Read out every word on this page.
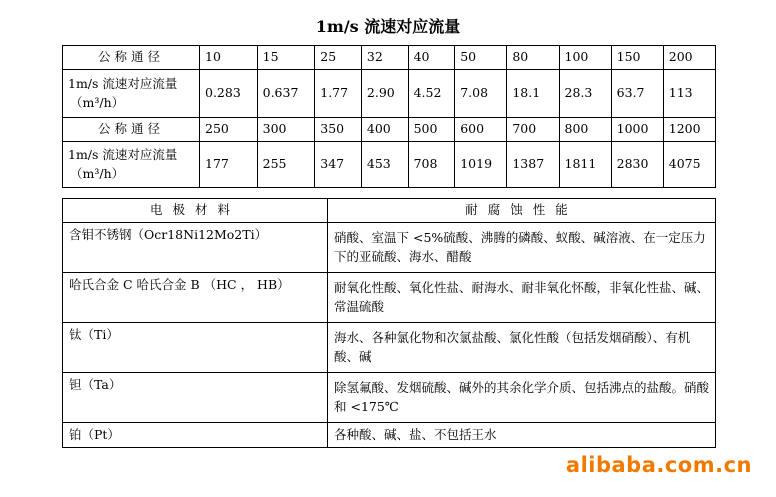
1m/s 流速对应流量
公称通径	10	15	25	32	40	50	80	100	150	200

1m/s 流速对应流量
（m³/h）	0.283	0.637	1.77	2.90	4.52	7.08	18.1	28.3	63.7	113
公称通径	250	300	350	400	500	600	700	800	1000	1200

1m/s 流速对应流量
（m³/h）	177	255	347	453	708	1019	1387	1811	2830	4075
电极材料	耐腐蚀性能
含钼不锈钢（Ocr18Ni12Mo2Ti）	硝酸、室温下 <5%硫酸、沸腾的磷酸、蚁酸、碱溶液、在一定压力下的亚硫酸、海水、醋酸
哈氏合金 C 哈氏合金 B （HC ， HB）	耐氧化性酸、氧化性盐、耐海水、耐非氧化怀酸，非氧化性盐、碱、常温硫酸
钛（Ti）	海水、各种氯化物和次氯盐酸、氯化性酸（包括发烟硝酸）、有机酸、碱
钽（Ta）	除氢氟酸、发烟硫酸、碱外的其余化学介质、包括沸点的盐酸。硝酸和 <175℃
铂（Pt）	各种酸、碱、盐、不包括王水
alibaba.com.cn
